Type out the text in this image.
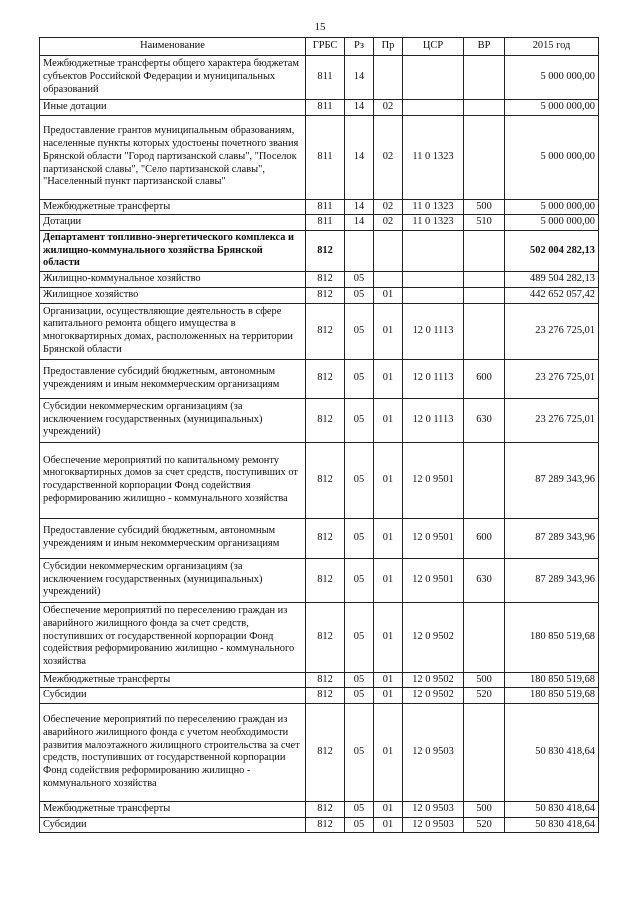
15
Наименование	ГРБС	Рз	Пр	ЦСР	ВР	2015 год
Межбюджетные трансферты общего характера бюджетам субъектов Российской Федерации и муниципальных образований	811	14				5 000 000,00
Иные дотации	811	14	02			5 000 000,00
Предоставление грантов муниципальным образованиям, населенные пункты которых удостоены почетного звания Брянской области "Город партизанской славы", "Поселок партизанской славы", "Село партизанской славы", "Населенный пункт партизанской славы"	811	14	02	11 0 1323		5 000 000,00
Межбюджетные трансферты	811	14	02	11 0 1323	500	5 000 000,00
Дотации	811	14	02	11 0 1323	510	5 000 000,00
Департамент топливно-энергетического комплекса и жилищно-коммунального хозяйства Брянской области	812					502 004 282,13
Жилищно-коммунальное хозяйство	812	05				489 504 282,13
Жилищное хозяйство	812	05	01			442 652 057,42
Организации, осуществляющие деятельность в сфере капитального ремонта общего имущества в многоквартирных домах, расположенных на территории Брянской области	812	05	01	12 0 1113		23 276 725,01
Предоставление субсидий бюджетным, автономным учреждениям и иным некоммерческим организациям	812	05	01	12 0 1113	600	23 276 725,01
Субсидии некоммерческим организациям (за исключением государственных (муниципальных) учреждений)	812	05	01	12 0 1113	630	23 276 725,01
Обеспечение мероприятий по капитальному ремонту многоквартирных домов за счет средств, поступивших от государственной корпорации Фонд содействия реформированию жилищно - коммунального хозяйства	812	05	01	12 0 9501		87 289 343,96
Предоставление субсидий бюджетным, автономным учреждениям и иным некоммерческим организациям	812	05	01	12 0 9501	600	87 289 343,96
Субсидии некоммерческим организациям (за исключением государственных (муниципальных) учреждений)	812	05	01	12 0 9501	630	87 289 343,96
Обеспечение мероприятий по переселению граждан из аварийного жилищного фонда за счет средств, поступивших от государственной корпорации Фонд содействия реформированию жилищно - коммунального хозяйства	812	05	01	12 0 9502		180 850 519,68
Межбюджетные трансферты	812	05	01	12 0 9502	500	180 850 519,68
Субсидии	812	05	01	12 0 9502	520	180 850 519,68
Обеспечение мероприятий по переселению граждан из аварийного жилищного фонда с учетом необходимости развития малоэтажного жилищного строительства за счет средств, поступивших от государственной корпорации Фонд содействия реформированию жилищно - коммунального хозяйства	812	05	01	12 0 9503		50 830 418,64
Межбюджетные трансферты	812	05	01	12 0 9503	500	50 830 418,64
Субсидии	812	05	01	12 0 9503	520	50 830 418,64
